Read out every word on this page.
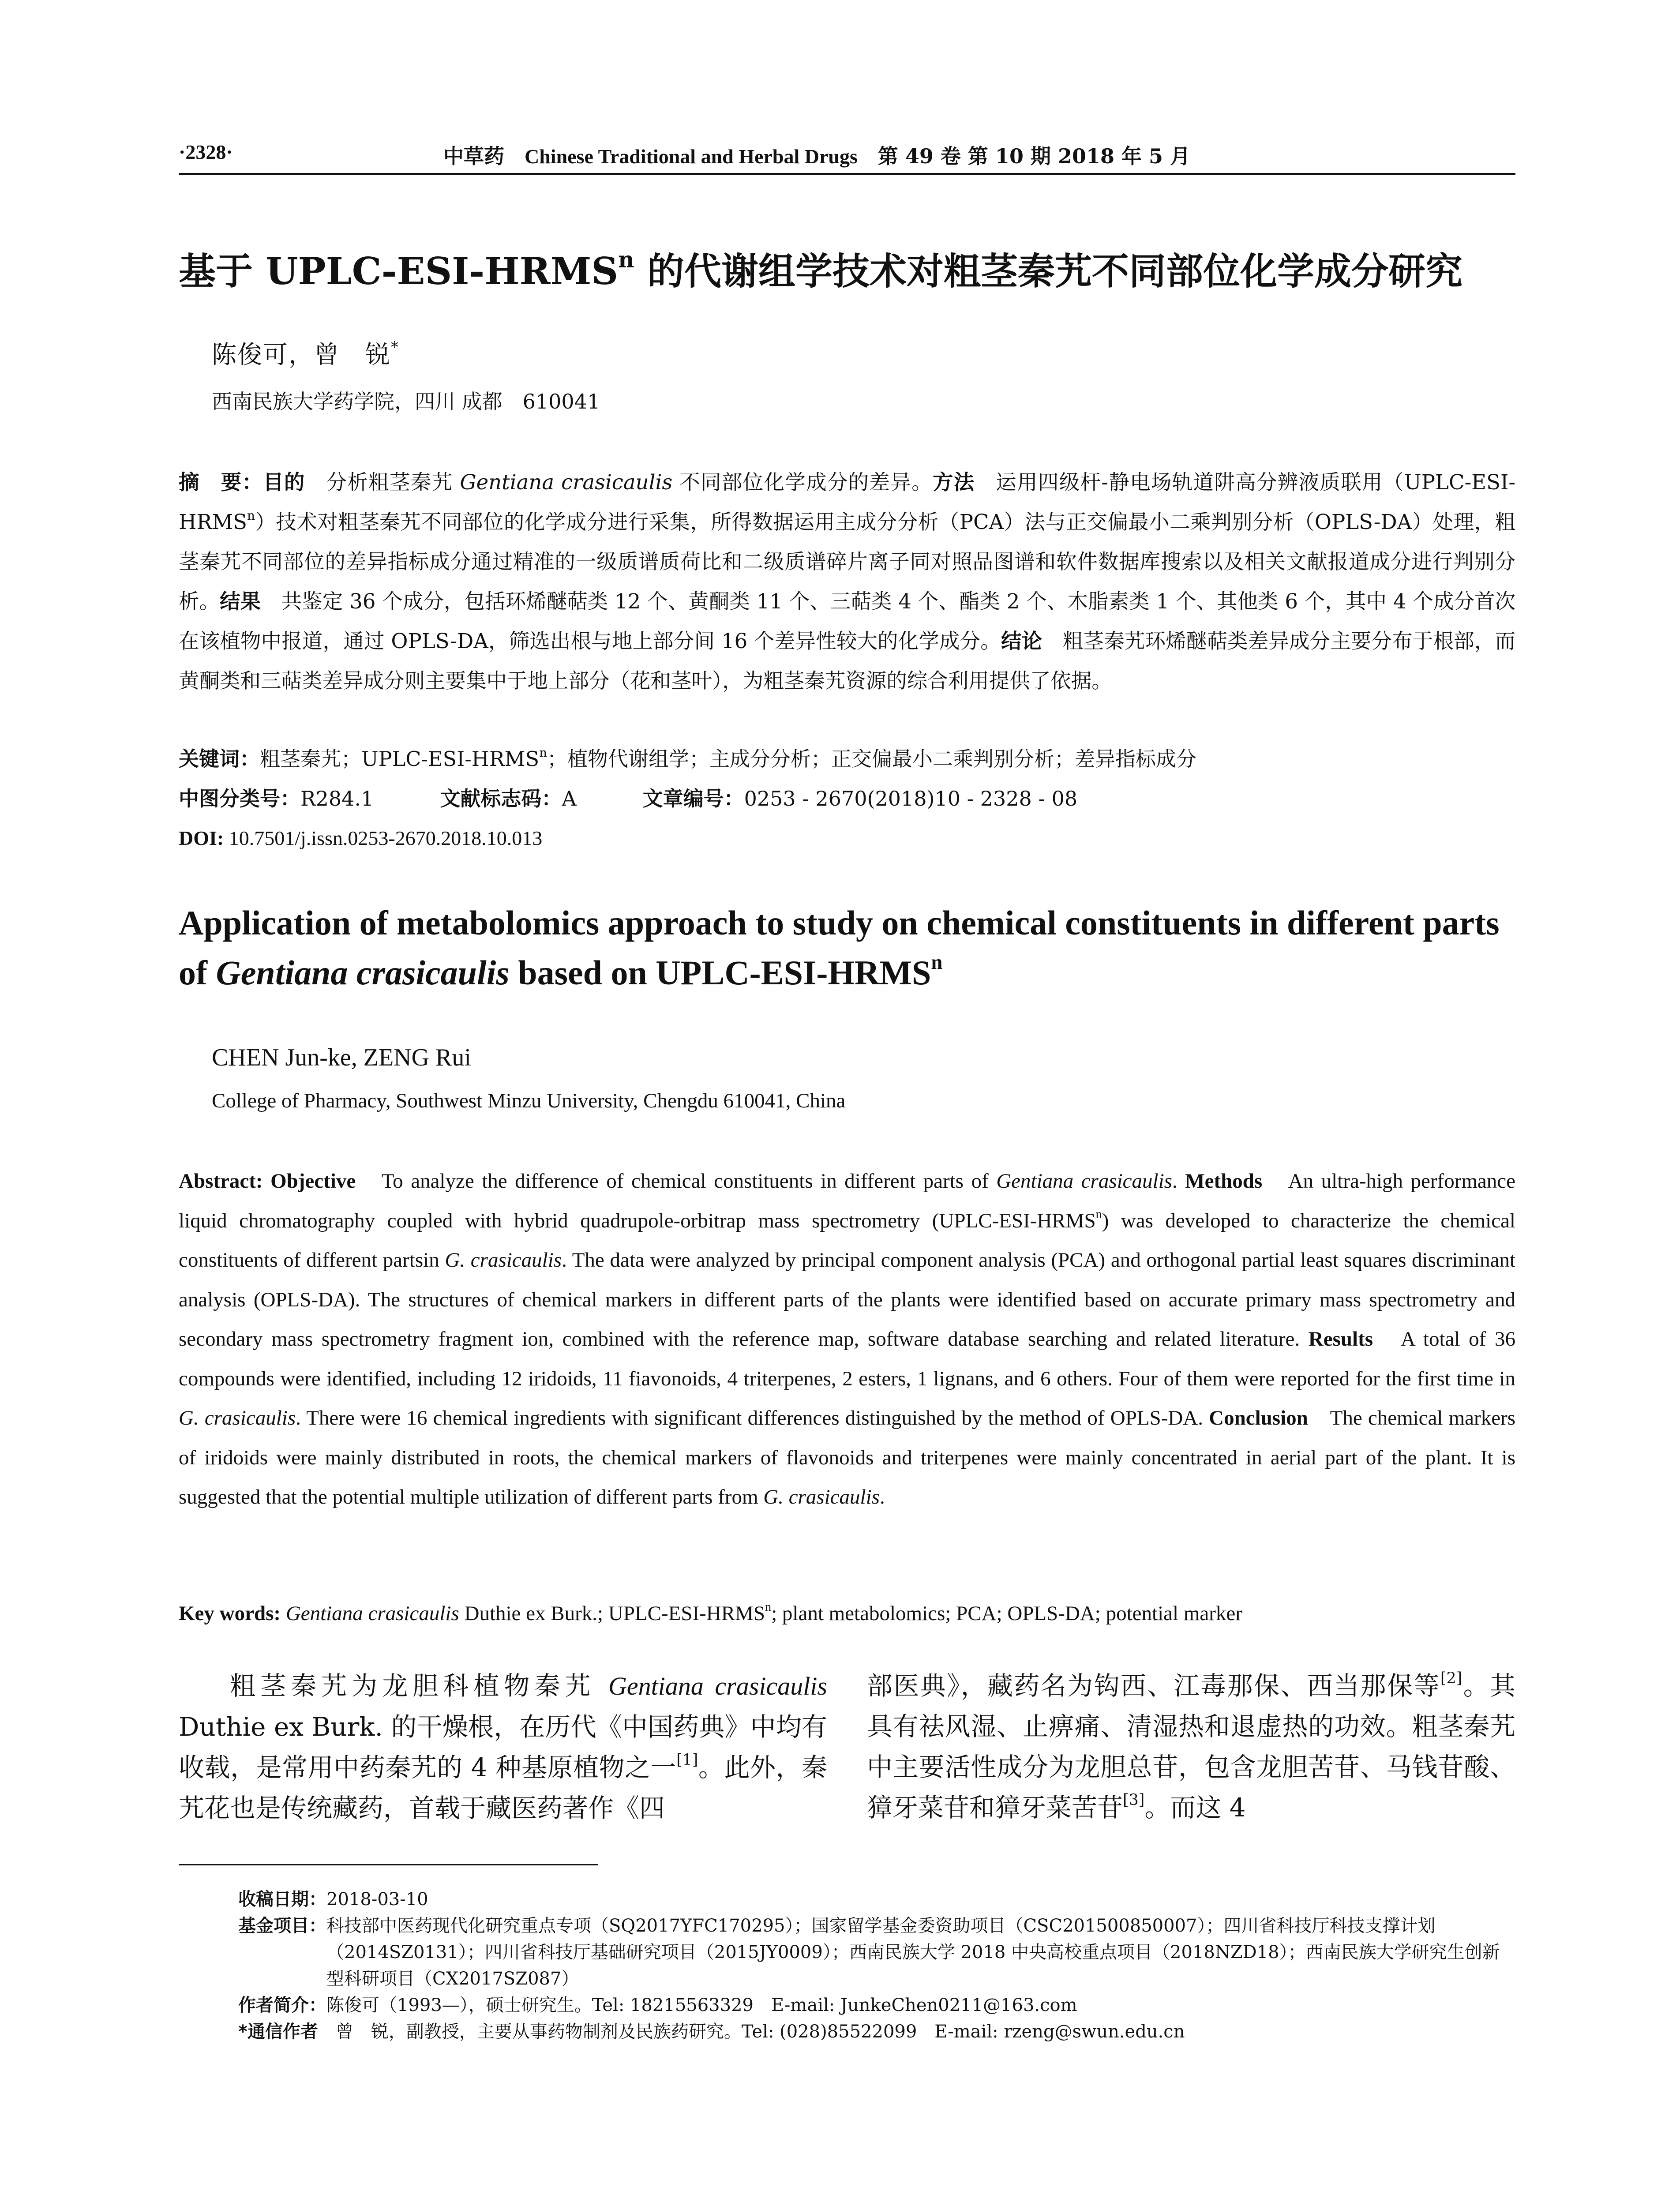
·2328·	中草药　 Chinese Traditional and Herbal Drugs　 第 49 卷 第 10 期 2018 年 5 月
基于 UPLC-ESI-HRMS$^n$ 的代谢组学技术对粗茎秦艽不同部位化学成分研究
陈俊可，曾　锐*
西南民族大学药学院，四川 成都　610041
摘　要：目的　分析粗茎秦艽 Gentiana crasicaulis 不同部位化学成分的差异。方法　运用四级杆-静电场轨道阱高分辨液质联用（UPLC-ESI-HRMS$^n$）技术对粗茎秦艽不同部位的化学成分进行采集，所得数据运用主成分分析（PCA）法与正交偏最小二乘判别分析（OPLS-DA）处理，粗茎秦艽不同部位的差异指标成分通过精准的一级质谱质荷比和二级质谱碎片离子同对照品图谱和软件数据库搜索以及相关文献报道成分进行判别分析。结果　共鉴定 36 个成分，包括环烯醚萜类 12 个、黄酮类 11 个、三萜类 4 个、酯类 2 个、木脂素类 1 个、其他类 6 个，其中 4 个成分首次在该植物中报道，通过 OPLS-DA，筛选出根与地上部分间 16 个差异性较大的化学成分。结论　粗茎秦艽环烯醚萜类差异成分主要分布于根部，而黄酮类和三萜类差异成分则主要集中于地上部分（花和茎叶），为粗茎秦艽资源的综合利用提供了依据。
关键词：粗茎秦艽；UPLC-ESI-HRMS$^n$；植物代谢组学；主成分分析；正交偏最小二乘判别分析；差异指标成分
中图分类号：R284.1	文献标志码：A	文章编号：0253 - 2670(2018)10 - 2328 - 08
DOI: 10.7501/j.issn.0253-2670.2018.10.013
Application of metabolomics approach to study on chemical constituents in different parts of Gentiana crasicaulis based on UPLC-ESI-HRMS$^n$
CHEN Jun-ke, ZENG Rui
College of Pharmacy, Southwest Minzu University, Chengdu 610041, China
Abstract: Objective　To analyze the difference of chemical constituents in different parts of Gentiana crasicaulis. Methods　An ultra-high performance liquid chromatography coupled with hybrid quadrupole-orbitrap mass spectrometry (UPLC-ESI-HRMS$^n$) was developed to characterize the chemical constituents of different partsin G. crasicaulis. The data were analyzed by principal component analysis (PCA) and orthogonal partial least squares discriminant analysis (OPLS-DA). The structures of chemical markers in different parts of the plants were identified based on accurate primary mass spectrometry and secondary mass spectrometry fragment ion, combined with the reference map, software database searching and related literature. Results　A total of 36 compounds were identified, including 12 iridoids, 11 fiavonoids, 4 triterpenes, 2 esters, 1 lignans, and 6 others. Four of them were reported for the first time in G. crasicaulis. There were 16 chemical ingredients with significant differences distinguished by the method of OPLS-DA. Conclusion　The chemical markers of iridoids were mainly distributed in roots, the chemical markers of flavonoids and triterpenes were mainly concentrated in aerial part of the plant. It is suggested that the potential multiple utilization of different parts from G. crasicaulis.
Key words: Gentiana crasicaulis Duthie ex Burk.; UPLC-ESI-HRMS$^n$; plant metabolomics; PCA; OPLS-DA; potential marker
粗茎秦艽为龙胆科植物秦艽 Gentiana crasicaulis Duthie ex Burk. 的干燥根，在历代《中国药典》中均有收载，是常用中药秦艽的 4 种基原植物之一[1]。此外，秦艽花也是传统藏药，首载于藏医药著作《四
部医典》，藏药名为钩西、江毒那保、西当那保等[2]。其具有祛风湿、止痹痛、清湿热和退虚热的功效。粗茎秦艽中主要活性成分为龙胆总苷，包含龙胆苦苷、马钱苷酸、獐牙菜苷和獐牙菜苦苷[3]。而这 4
收稿日期： 2018-03-10
基金项目： 科技部中医药现代化研究重点专项（SQ2017YFC170295）；国家留学基金委资助项目（CSC201500850007）；四川省科技厅科技支撑计划（2014SZ0131）；四川省科技厅基础研究项目（2015JY0009）；西南民族大学 2018 中央高校重点项目（2018NZD18）；西南民族大学研究生创新型科研项目（CX2017SZ087）
作者简介： 陈俊可（1993—），硕士研究生。Tel: 18215563329　E-mail: JunkeChen0211@163.com
*通信作者 　曾　锐，副教授，主要从事药物制剂及民族药研究。Tel: (028)85522099　E-mail: rzeng@swun.edu.cn
